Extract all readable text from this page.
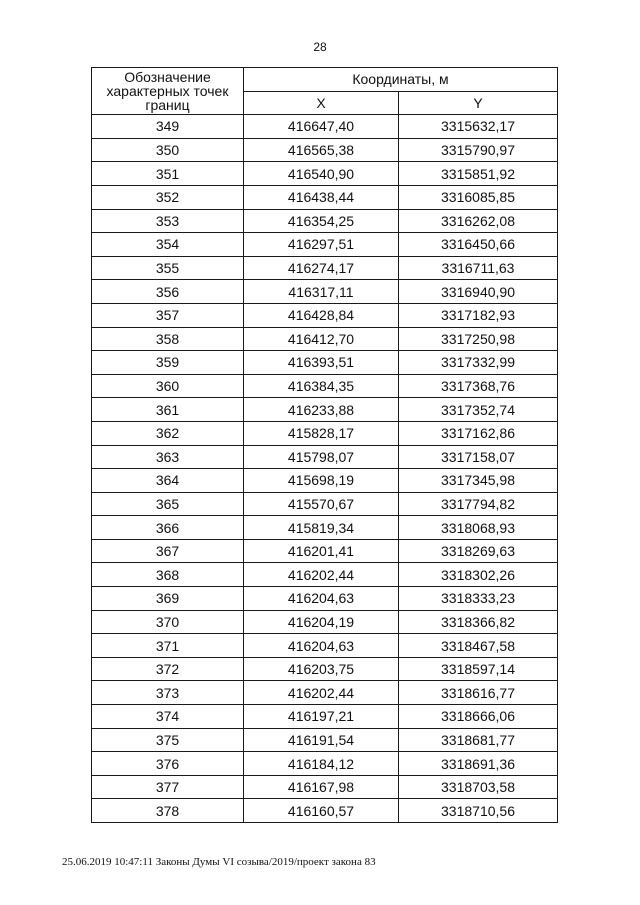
28
Обозначение характерных точек границ	Координаты, м	
	X	Y
349	416647,40	3315632,17
350	416565,38	3315790,97
351	416540,90	3315851,92
352	416438,44	3316085,85
353	416354,25	3316262,08
354	416297,51	3316450,66
355	416274,17	3316711,63
356	416317,11	3316940,90
357	416428,84	3317182,93
358	416412,70	3317250,98
359	416393,51	3317332,99
360	416384,35	3317368,76
361	416233,88	3317352,74
362	415828,17	3317162,86
363	415798,07	3317158,07
364	415698,19	3317345,98
365	415570,67	3317794,82
366	415819,34	3318068,93
367	416201,41	3318269,63
368	416202,44	3318302,26
369	416204,63	3318333,23
370	416204,19	3318366,82
371	416204,63	3318467,58
372	416203,75	3318597,14
373	416202,44	3318616,77
374	416197,21	3318666,06
375	416191,54	3318681,77
376	416184,12	3318691,36
377	416167,98	3318703,58
378	416160,57	3318710,56
25.06.2019 10:47:11 Законы Думы VI созыва/2019/проект закона 83
